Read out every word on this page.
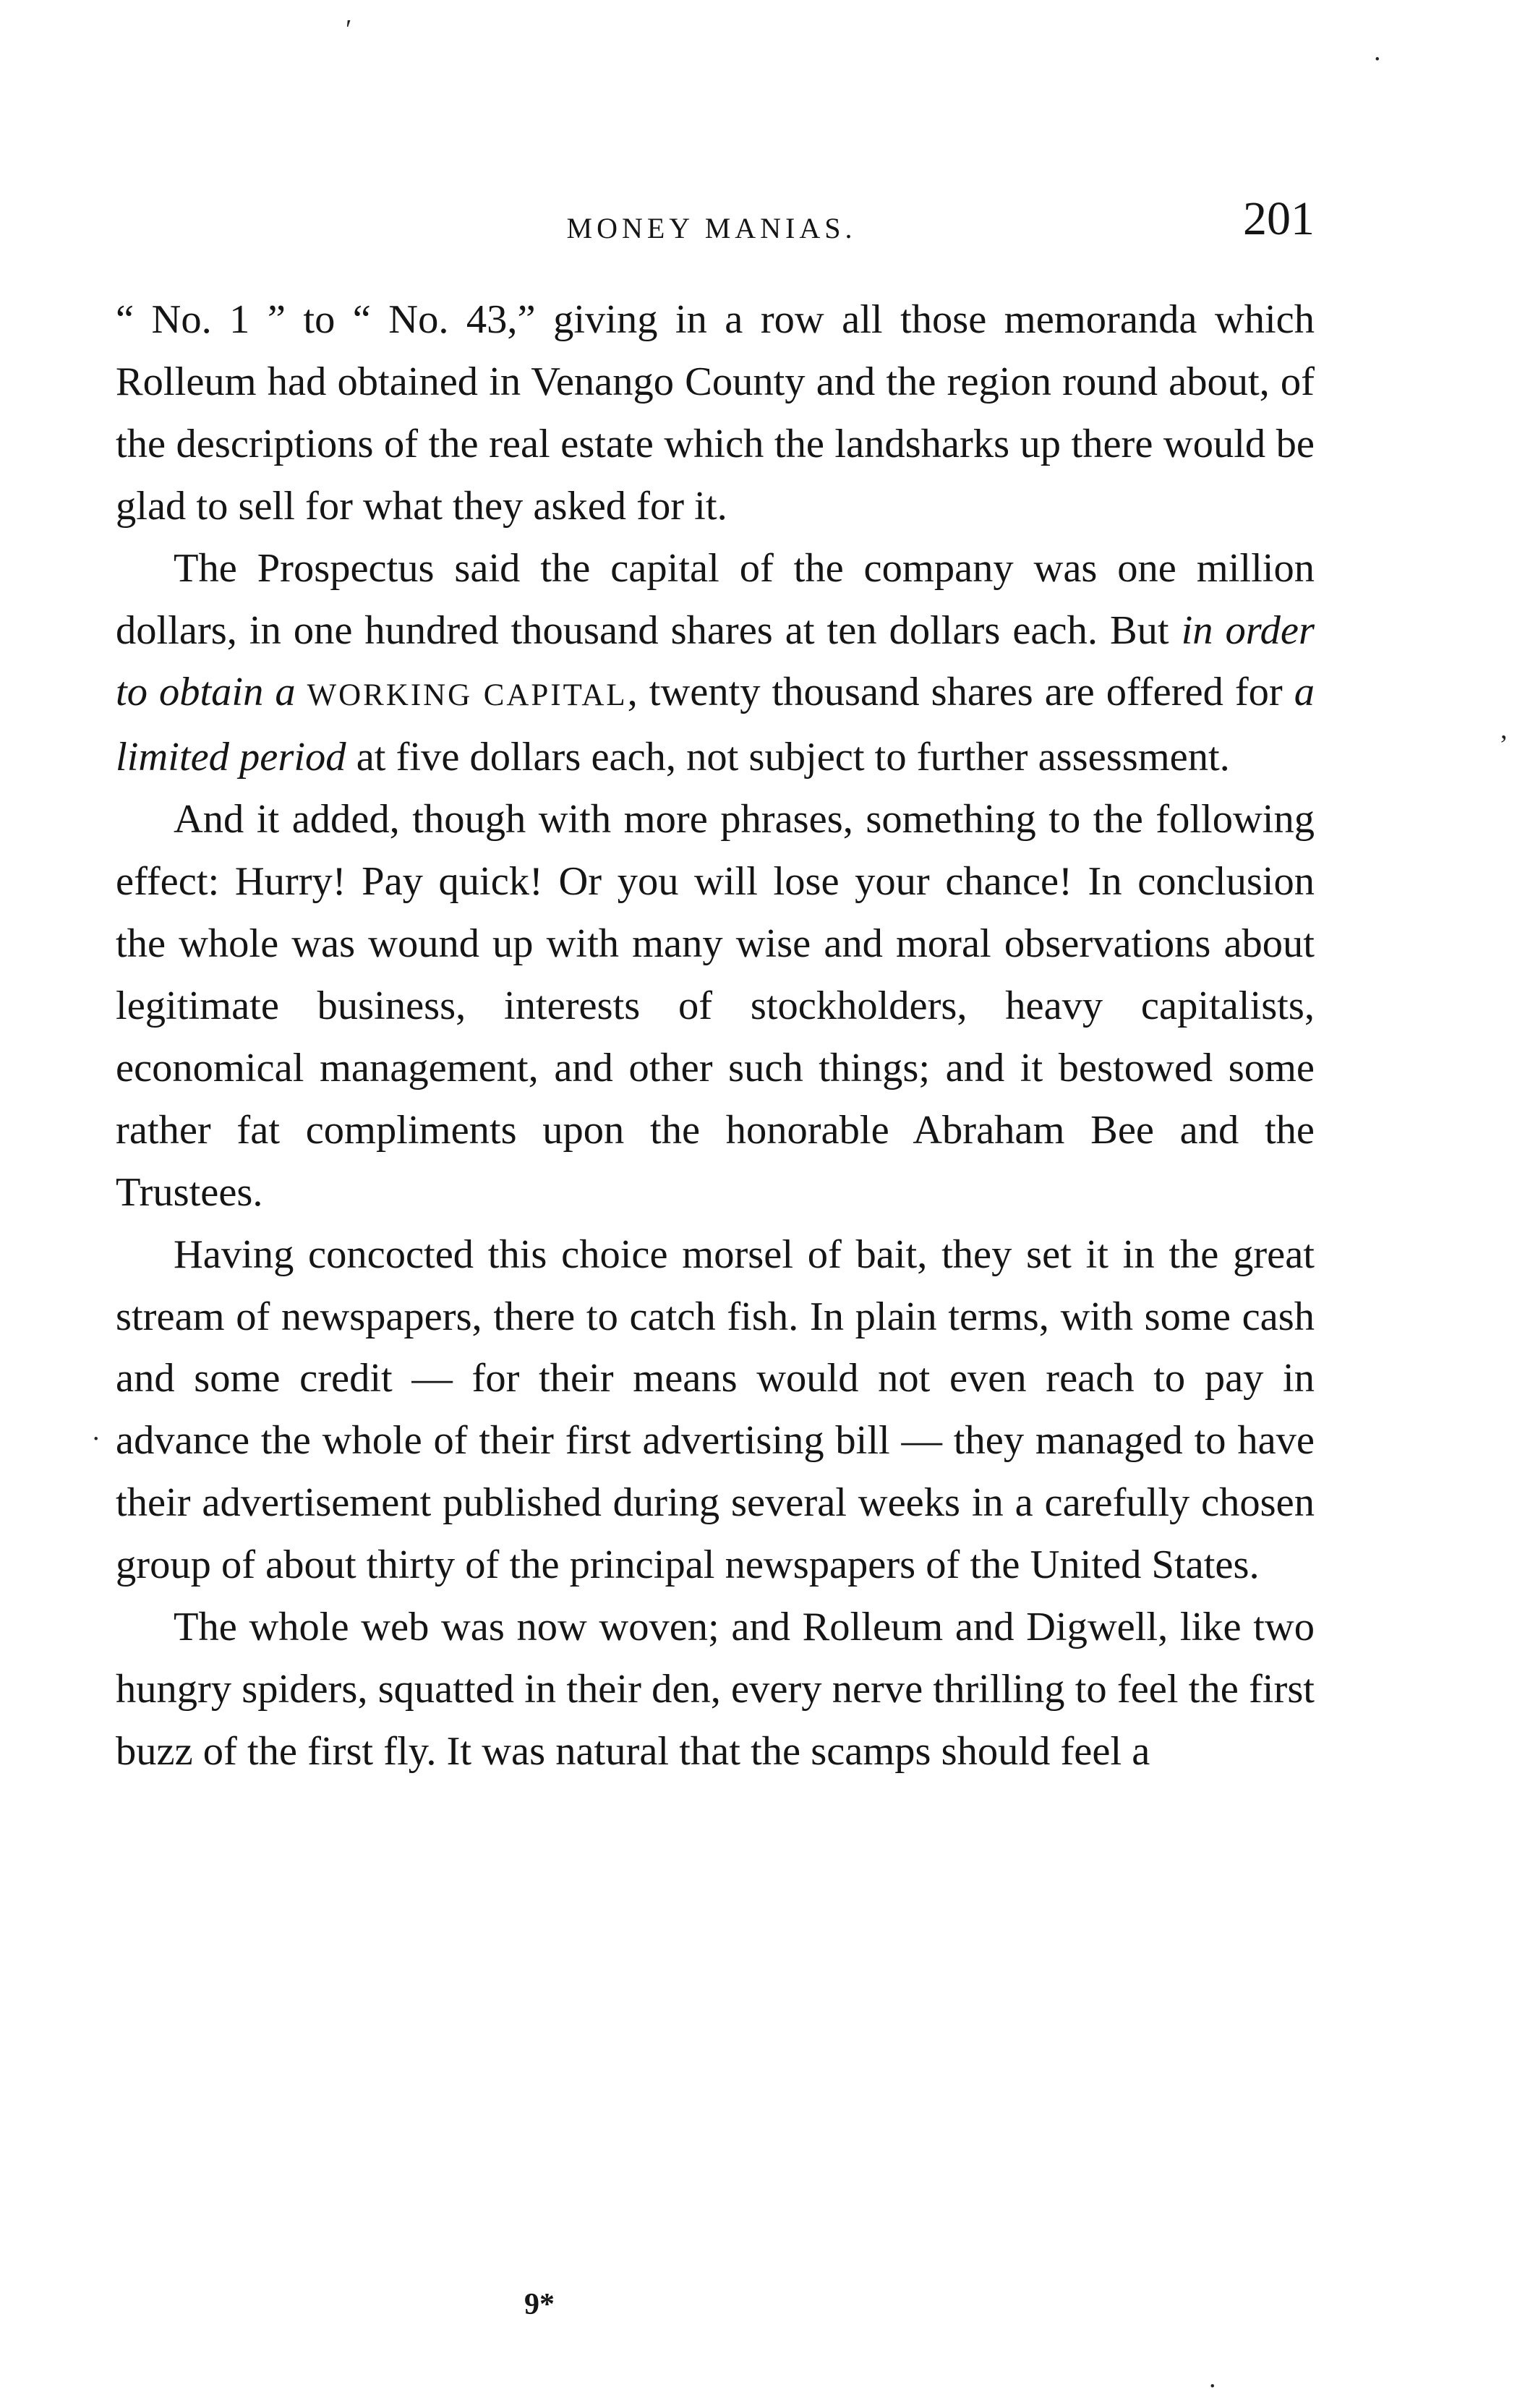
′
.
,
.
.
MONEY MANIAS.	201

“ No. 1 ” to “ No. 43,” giving in a row all those memoranda which Rolleum had obtained in Venango County and the region round about, of the descriptions of the real estate which the landsharks up there would be glad to sell for what they asked for it.

The Prospectus said the capital of the company was one million dollars, in one hundred thousand shares at ten dollars each. But in order to obtain a WORKING CAPITAL, twenty thousand shares are offered for a limited period at five dollars each, not subject to further assessment.

And it added, though with more phrases, something to the following effect: Hurry! Pay quick! Or you will lose your chance! In conclusion the whole was wound up with many wise and moral observations about legitimate business, interests of stockholders, heavy capitalists, economical management, and other such things; and it bestowed some rather fat compliments upon the honorable Abraham Bee and the Trustees.

Having concocted this choice morsel of bait, they set it in the great stream of newspapers, there to catch fish. In plain terms, with some cash and some credit — for their means would not even reach to pay in advance the whole of their first advertising bill — they managed to have their advertisement published during several weeks in a carefully chosen group of about thirty of the principal newspapers of the United States.

The whole web was now woven; and Rolleum and Digwell, like two hungry spiders, squatted in their den, every nerve thrilling to feel the first buzz of the first fly. It was natural that the scamps should feel a

9*
